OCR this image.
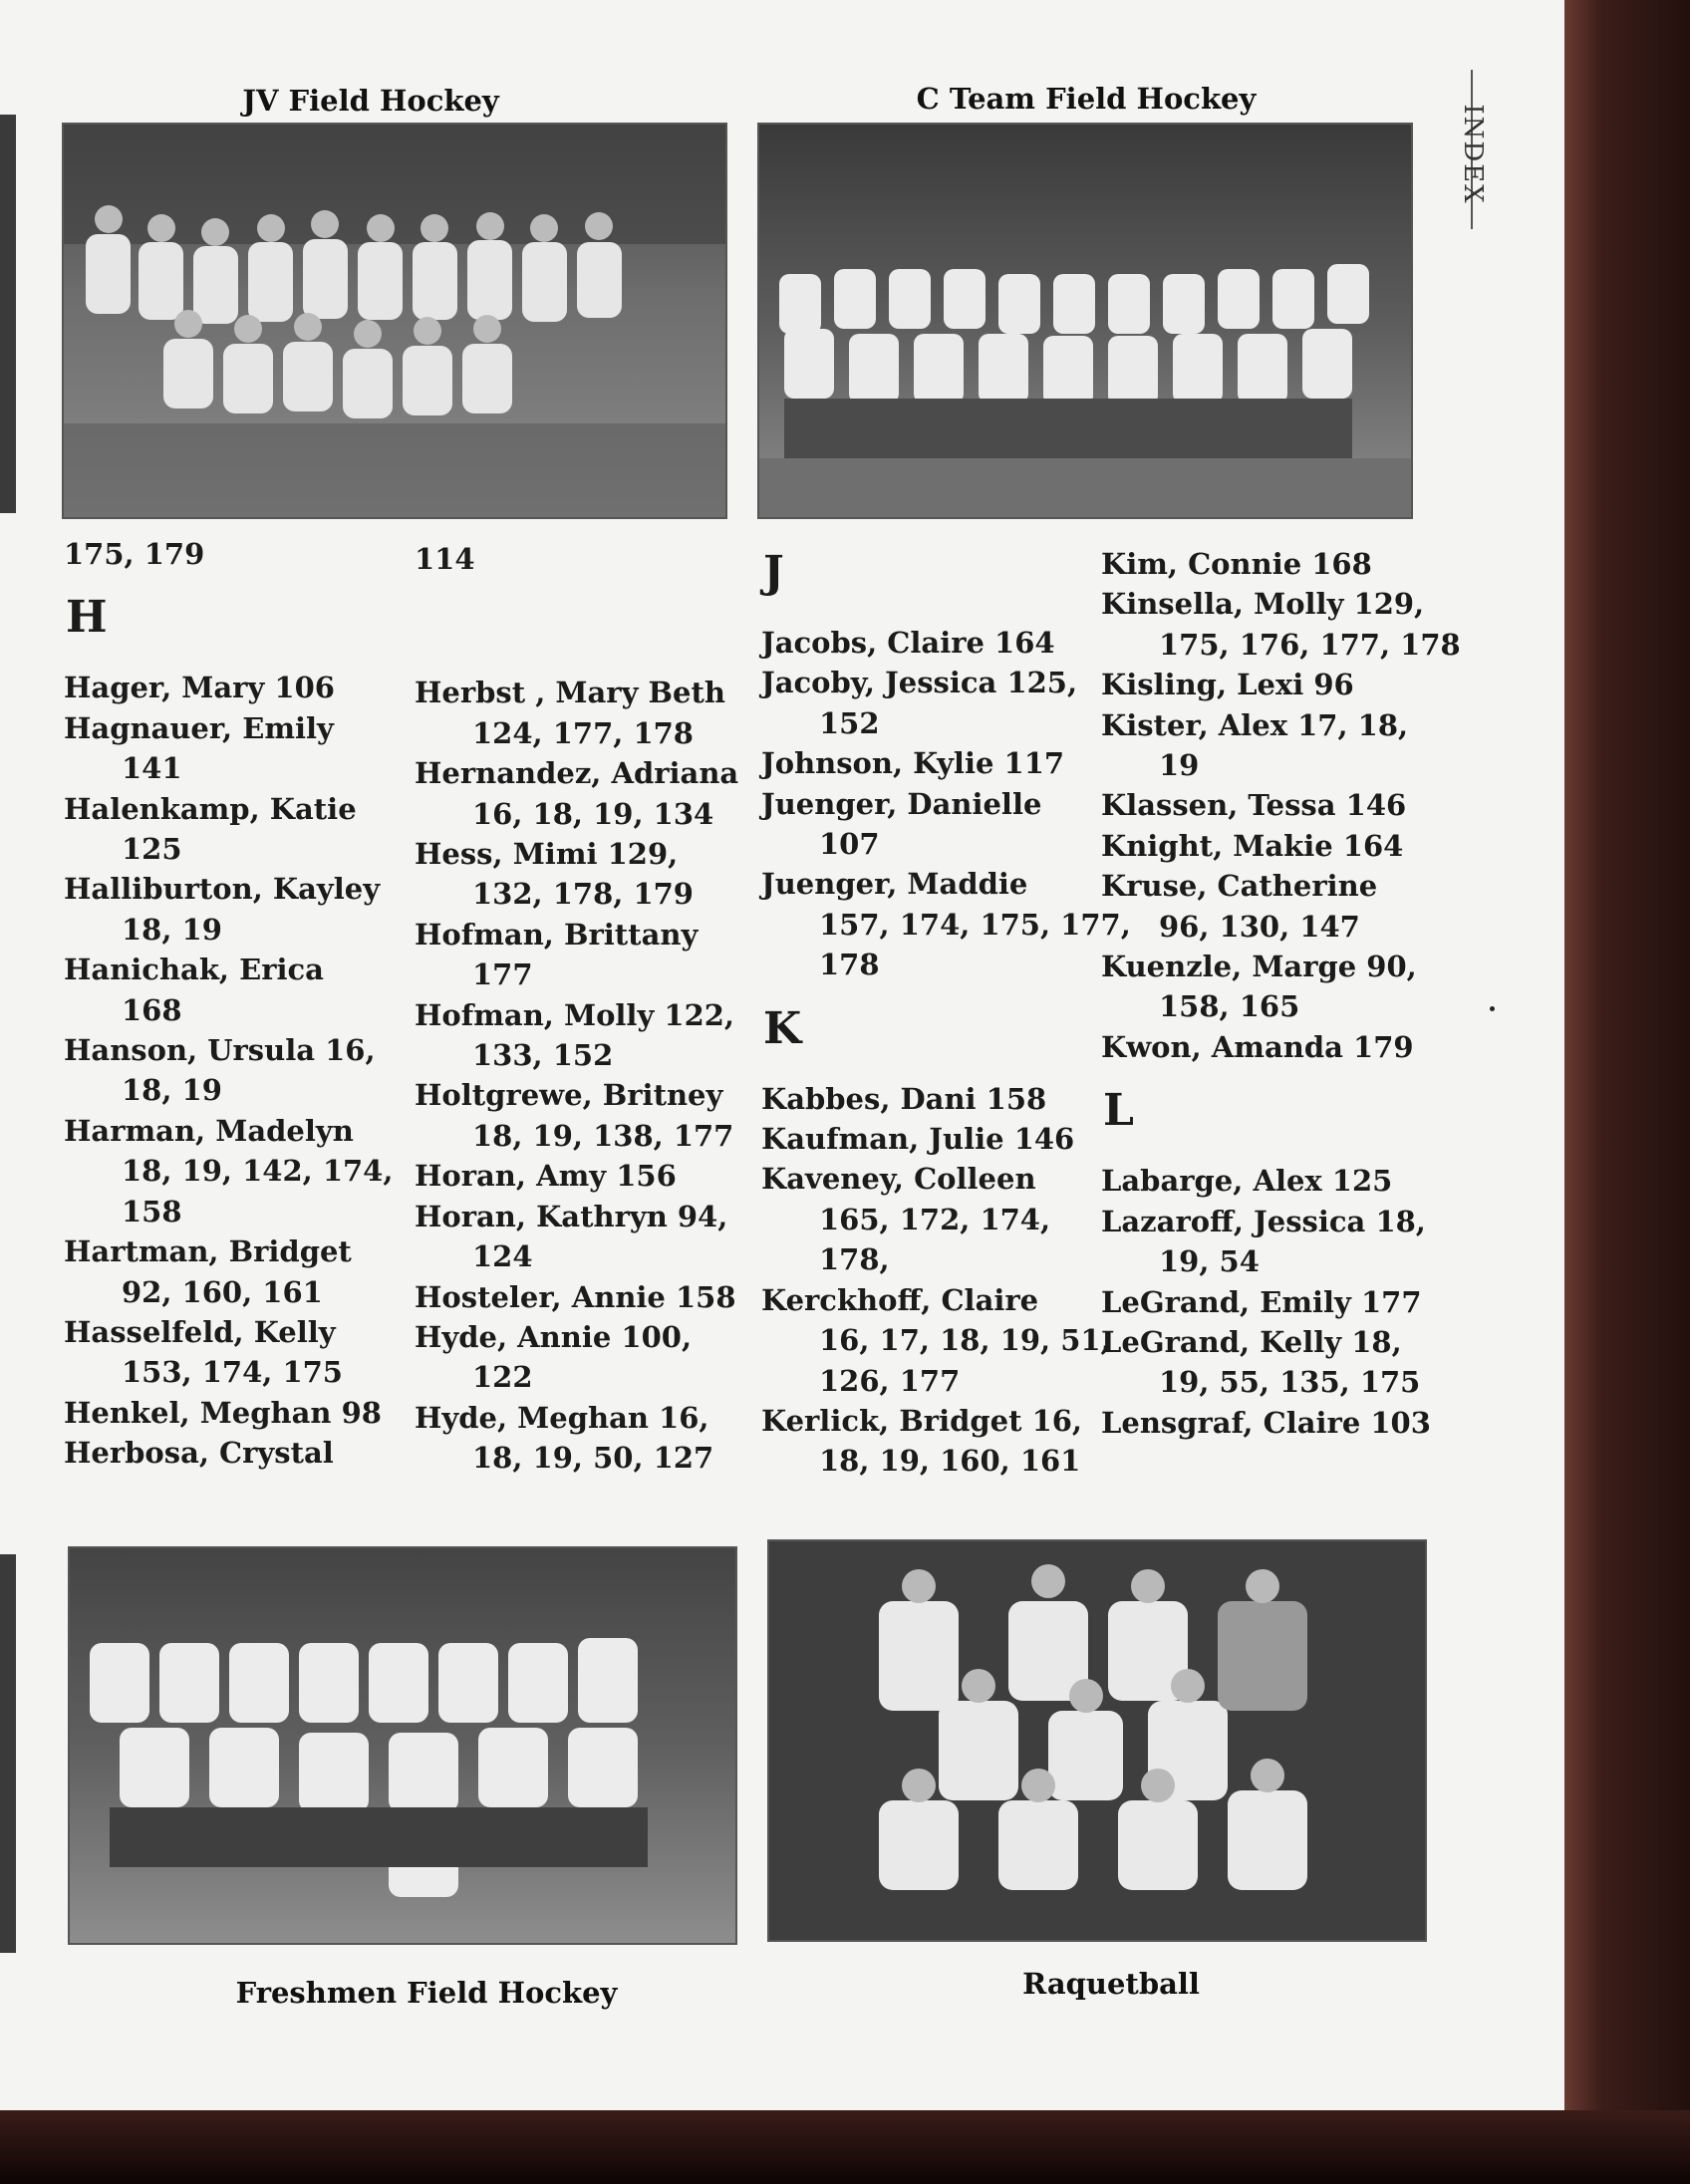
JV Field Hockey	C Team Field Hockey
Freshmen Field Hockey	Raquetball
INDEX
175, 179
H
Hager, Mary 106
Hagnauer, Emily
141
Halenkamp, Katie
125
Halliburton, Kayley
18, 19
Hanichak, Erica
168
Hanson, Ursula 16,
18, 19
Harman, Madelyn
18, 19, 142, 174,
158
Hartman, Bridget
92, 160, 161
Hasselfeld, Kelly
153, 174, 175
Henkel, Meghan 98
Herbosa, Crystal
114
Herbst , Mary Beth
124, 177, 178
Hernandez, Adriana
16, 18, 19, 134
Hess, Mimi 129,
132, 178, 179
Hofman, Brittany
177
Hofman, Molly 122,
133, 152
Holtgrewe, Britney
18, 19, 138, 177
Horan, Amy 156
Horan, Kathryn 94,
124
Hosteler, Annie 158
Hyde, Annie 100,
122
Hyde, Meghan 16,
18, 19, 50, 127
J
Jacobs, Claire 164
Jacoby, Jessica 125,
152
Johnson, Kylie 117
Juenger, Danielle
107
Juenger, Maddie
157, 174, 175, 177,
178
K
Kabbes, Dani 158
Kaufman, Julie 146
Kaveney, Colleen
165, 172, 174,
178,
Kerckhoff, Claire
16, 17, 18, 19, 51,
126, 177
Kerlick, Bridget 16,
18, 19, 160, 161
Kim, Connie 168
Kinsella, Molly 129,
175, 176, 177, 178
Kisling, Lexi 96
Kister, Alex 17, 18,
19
Klassen, Tessa 146
Knight, Makie 164
Kruse, Catherine
96, 130, 147
Kuenzle, Marge 90,
158, 165
Kwon, Amanda 179
L
Labarge, Alex 125
Lazaroff, Jessica 18,
19, 54
LeGrand, Emily 177
LeGrand, Kelly 18,
19, 55, 135, 175
Lensgraf, Claire 103
